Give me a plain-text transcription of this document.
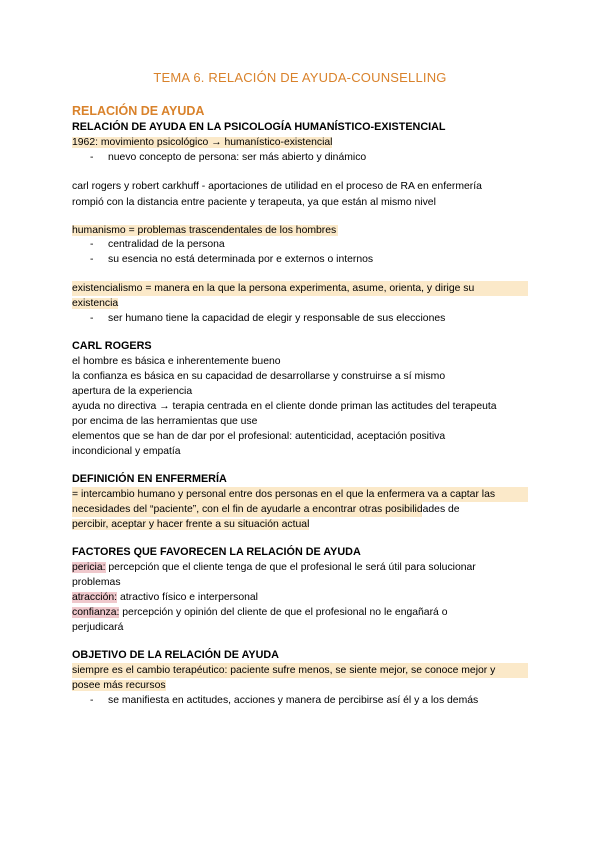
TEMA 6. RELACIÓN DE AYUDA-COUNSELLING
RELACIÓN DE AYUDA
RELACIÓN DE AYUDA EN LA PSICOLOGÍA HUMANÍSTICO-EXISTENCIAL
1962: movimiento psicológico → humanístico-existencial
- nuevo concepto de persona: ser más abierto y dinámico
carl rogers y robert carkhuff - aportaciones de utilidad en el proceso de RA en enfermería
rompió con la distancia entre paciente y terapeuta, ya que están al mismo nivel
humanismo = problemas trascendentales de los hombres
- centralidad de la persona
- su esencia no está determinada por e externos o internos
existencialismo = manera en la que la persona experimenta, asume, orienta, y dirige su
existencia
- ser humano tiene la capacidad de elegir y responsable de sus elecciones
CARL ROGERS
el hombre es básica e inherentemente bueno
la confianza es básica en su capacidad de desarrollarse y construirse a sí mismo
apertura de la experiencia
ayuda no directiva → terapia centrada en el cliente donde priman las actitudes del terapeuta
por encima de las herramientas que use
elementos que se han de dar por el profesional: autenticidad, aceptación positiva
incondicional y empatía
DEFINICIÓN EN ENFERMERÍA
= intercambio humano y personal entre dos personas en el que la enfermera va a captar las
necesidades del “paciente”, con el fin de ayudarle a encontrar otras posibilidades de
percibir, aceptar y hacer frente a su situación actual
FACTORES QUE FAVORECEN LA RELACIÓN DE AYUDA
pericia: percepción que el cliente tenga de que el profesional le será útil para solucionar
problemas
atracción: atractivo físico e interpersonal
confianza: percepción y opinión del cliente de que el profesional no le engañará o
perjudicará
OBJETIVO DE LA RELACIÓN DE AYUDA
siempre es el cambio terapéutico: paciente sufre menos, se siente mejor, se conoce mejor y
posee más recursos
- se manifiesta en actitudes, acciones y manera de percibirse así él y a los demás
